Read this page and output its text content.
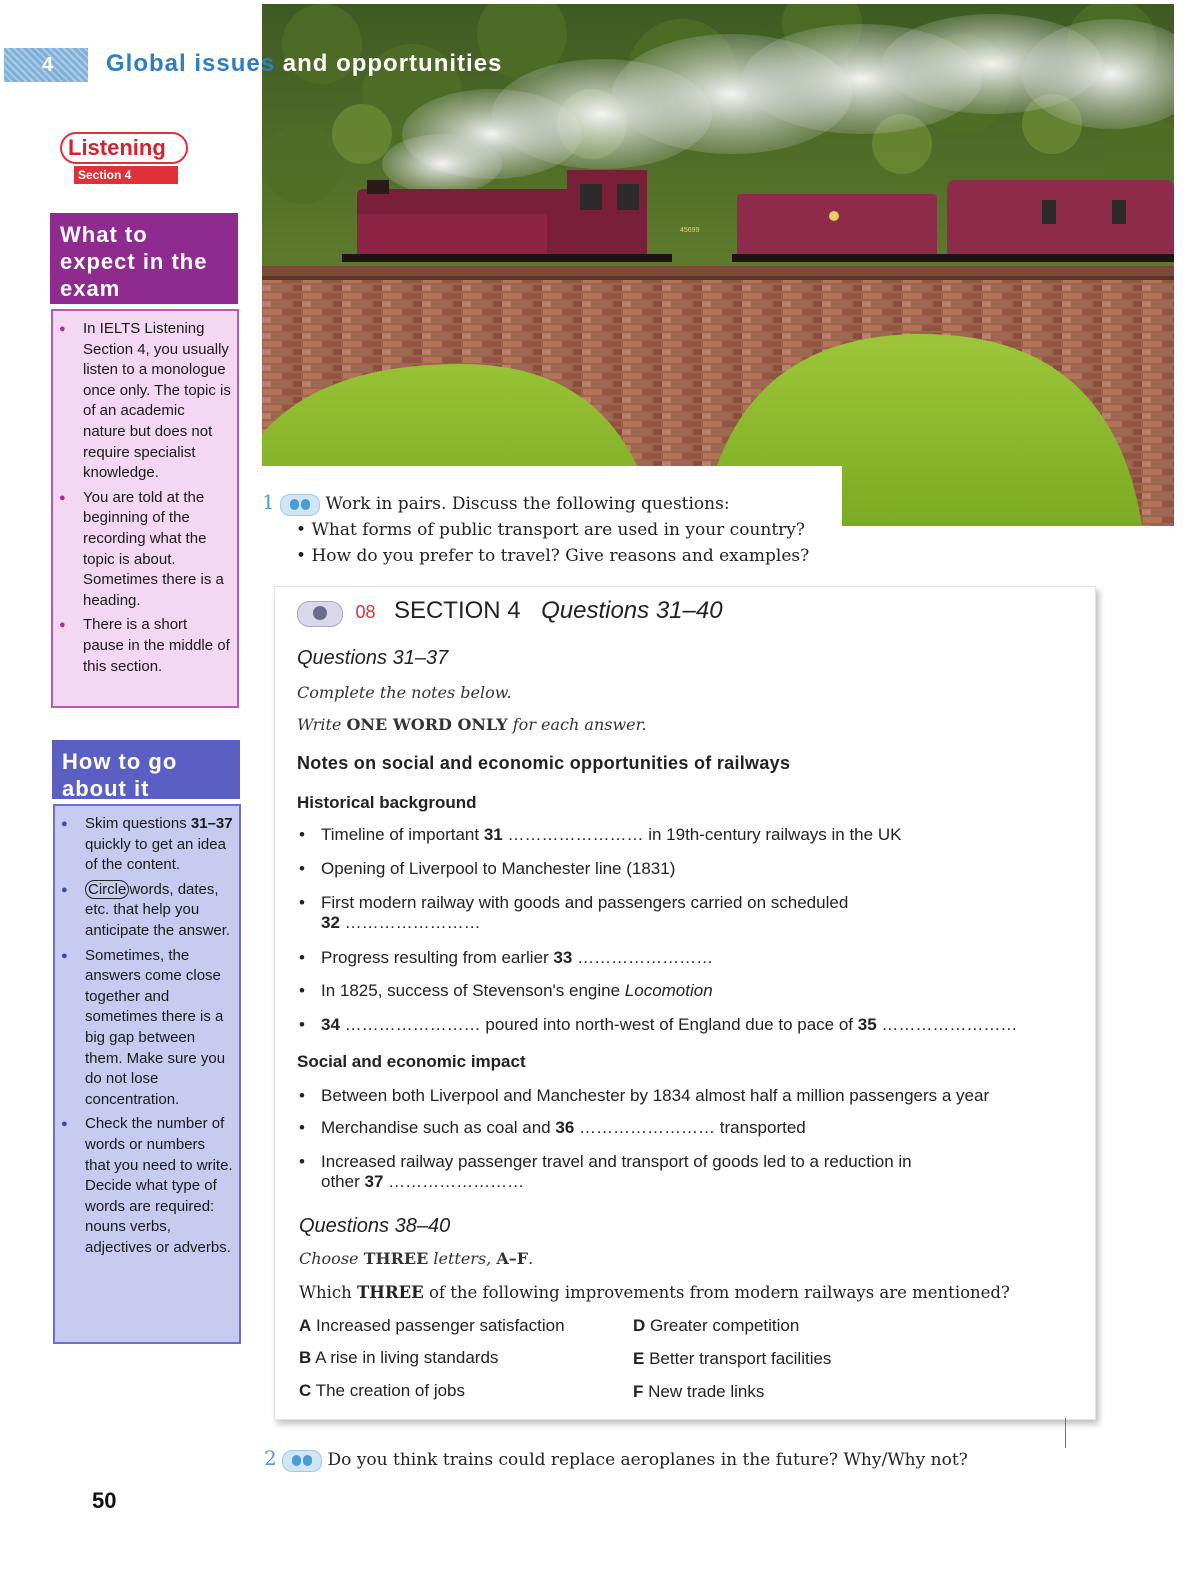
4
45699
Global issues and opportunities
Listening
Section 4
What to expect in the exam
● In IELTS Listening Section 4, you usually listen to a monologue once only. The topic is of an academic nature but does not require specialist knowledge.
● You are told at the beginning of the recording what the topic is about. Sometimes there is a heading.
● There is a short pause in the middle of this section.
How to go about it
● Skim questions 31–37 quickly to get an idea of the content.
● Circle words, dates, etc. that help you anticipate the answer.
● Sometimes, the answers come close together and sometimes there is a big gap between them. Make sure you do not lose concentration.
● Check the number of words or numbers that you need to write. Decide what type of words are required: nouns verbs, adjectives or adverbs.
1	Work in pairs. Discuss the following questions:
• What forms of public transport are used in your country?
• How do you prefer to travel? Give reasons and examples?
08 SECTION 4 Questions 31–40
Questions 31–37
Complete the notes below.
Write ONE WORD ONLY for each answer.
Notes on social and economic opportunities of railways
Historical background
• Timeline of important 31 …………………… in 19th-century railways in the UK
• Opening of Liverpool to Manchester line (1831)
• First modern railway with goods and passengers carried on scheduled
32 ……………………
• Progress resulting from earlier 33 ……………………
• In 1825, success of Stevenson's engine Locomotion
• 34 …………………… poured into north-west of England due to pace of 35 ……………………
Social and economic impact
• Between both Liverpool and Manchester by 1834 almost half a million passengers a year
• Merchandise such as coal and 36 …………………… transported
• Increased railway passenger travel and transport of goods led to a reduction in
other 37 ……………………
Questions 38–40
Choose THREE letters, A–F.
Which THREE of the following improvements from modern railways are mentioned?
A Increased passenger satisfaction
B A rise in living standards
C The creation of jobs
D Greater competition
E Better transport facilities
F New trade links
2	Do you think trains could replace aeroplanes in the future? Why/Why not?
50
